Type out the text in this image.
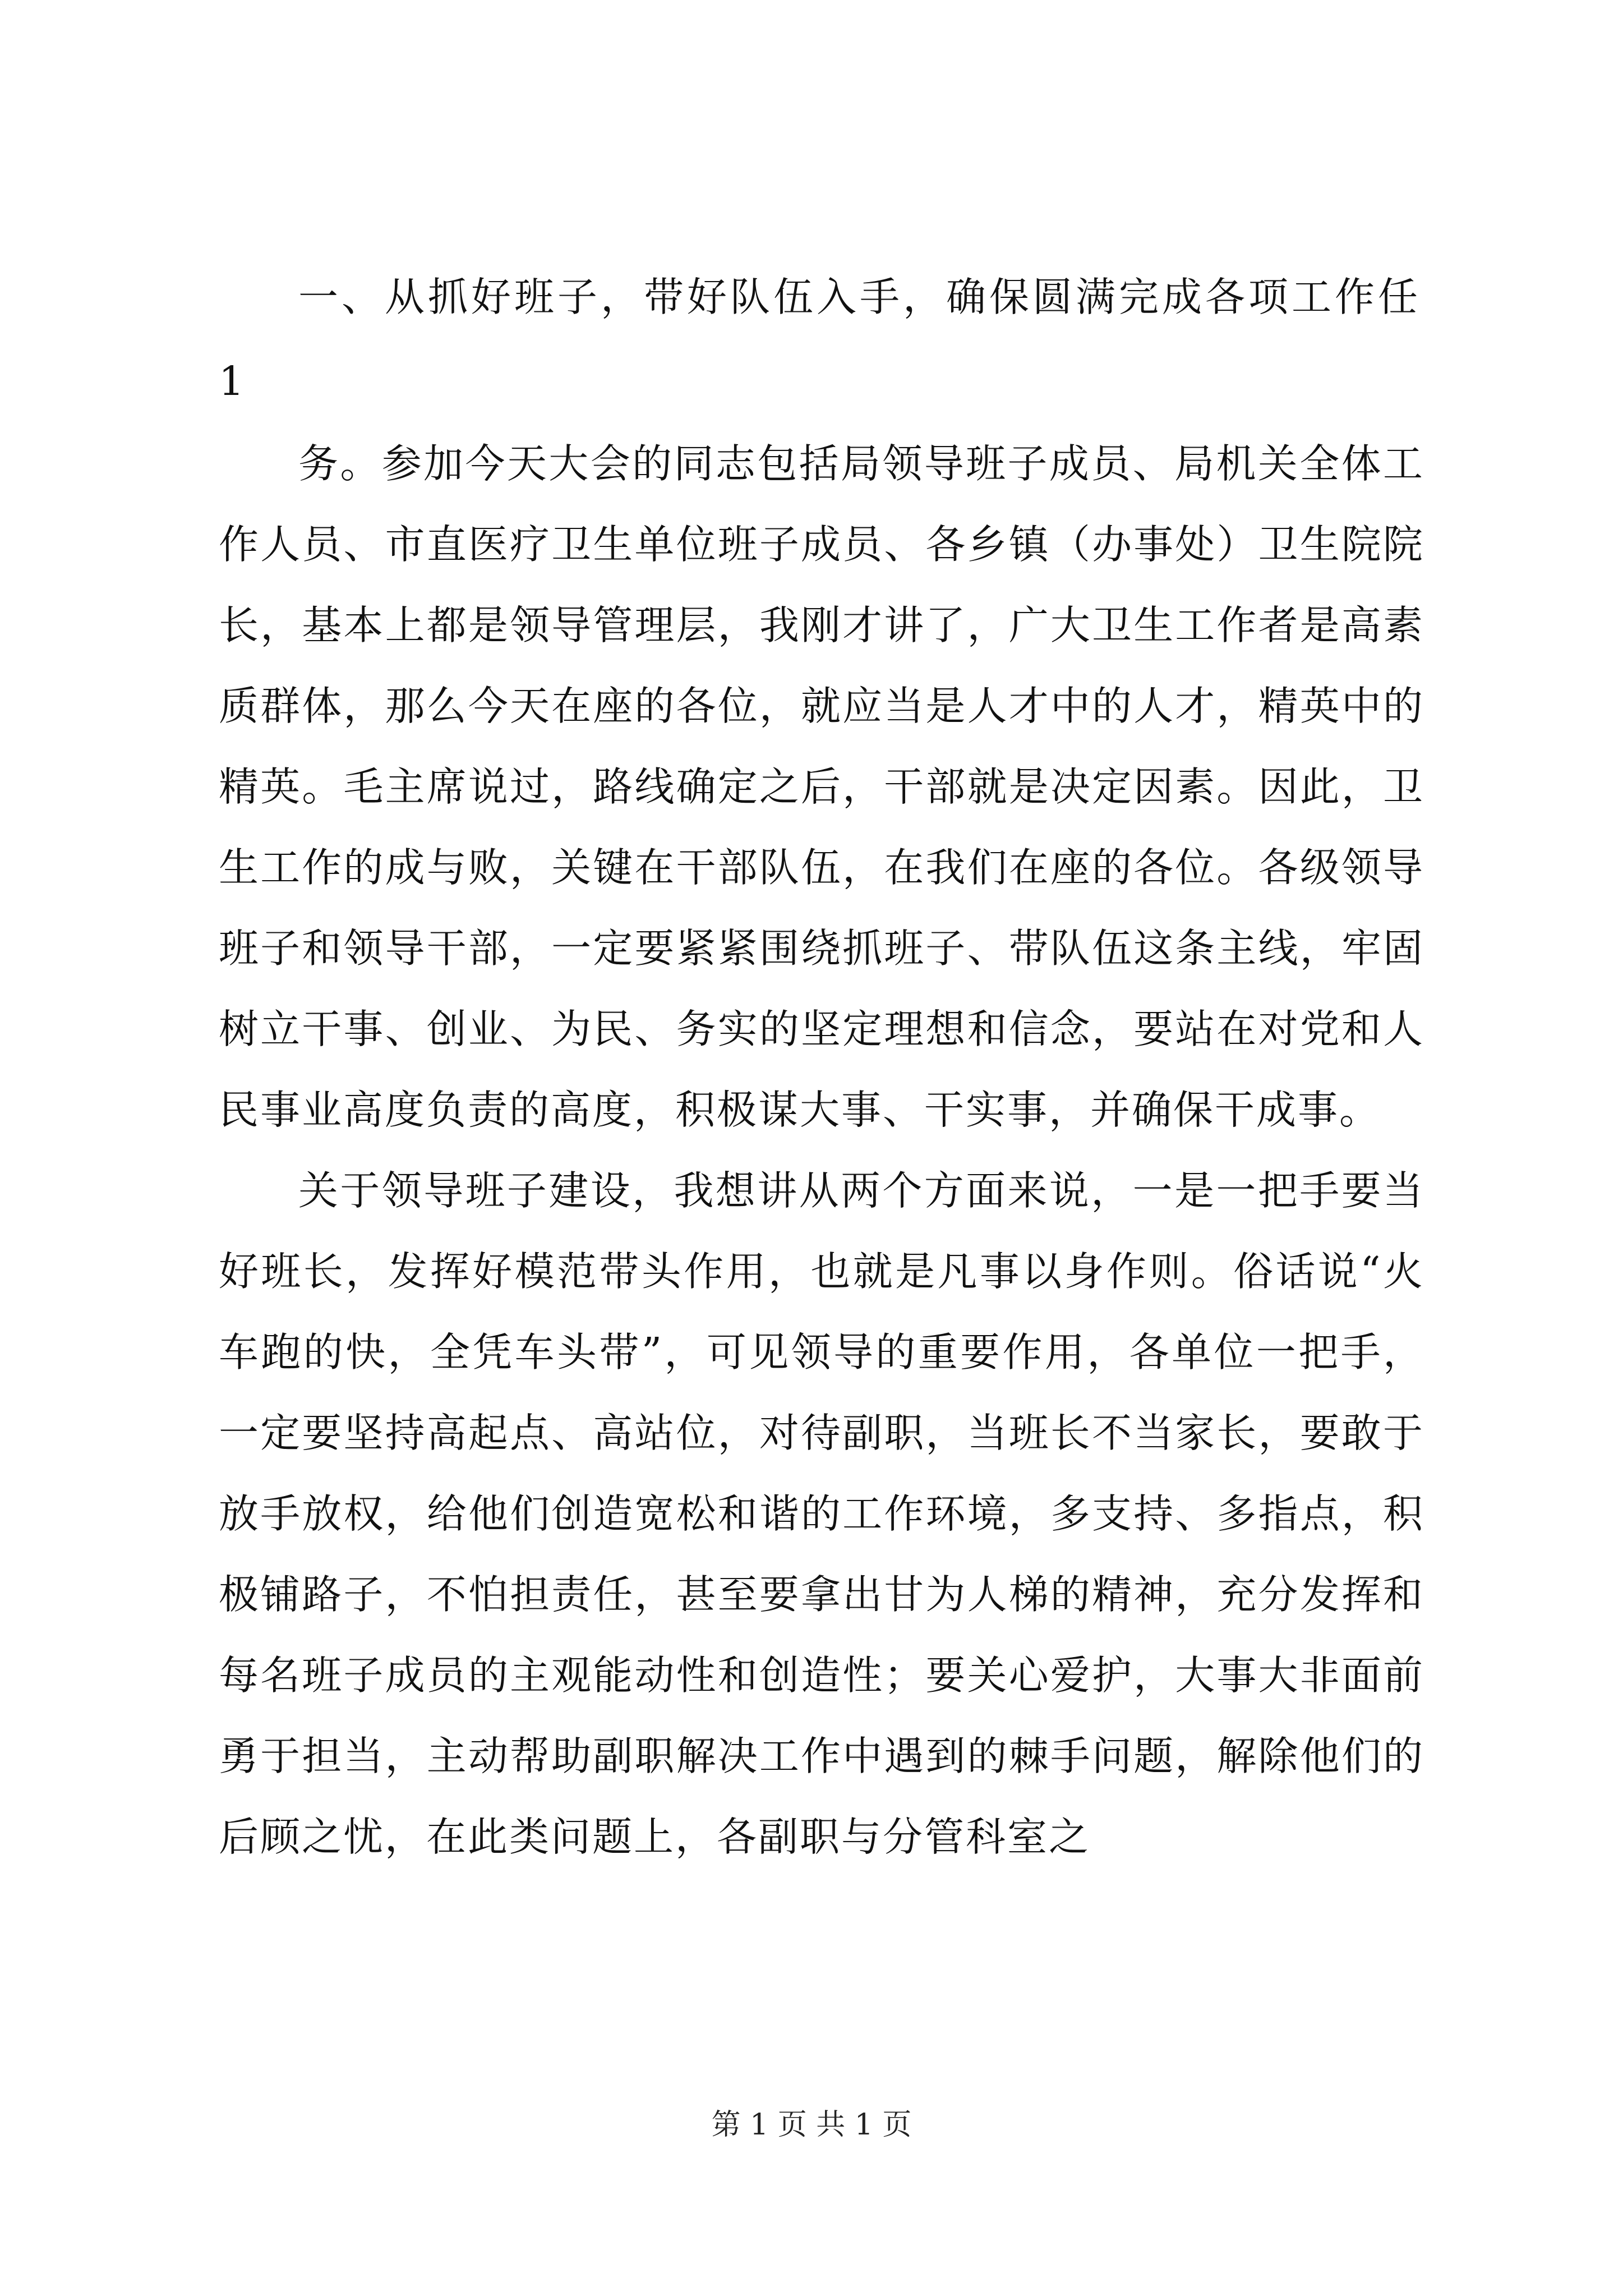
一、从抓好班子，带好队伍入手，确保圆满完成各项工作任

1

务。参加今天大会的同志包括局领导班子成员、局机关全体工作人员、市直医疗卫生单位班子成员、各乡镇（办事处）卫生院院长，基本上都是领导管理层，我刚才讲了，广大卫生工作者是高素质群体，那么今天在座的各位，就应当是人才中的人才，精英中的精英。毛主席说过，路线确定之后，干部就是决定因素。因此，卫生工作的成与败，关键在干部队伍，在我们在座的各位。各级领导班子和领导干部，一定要紧紧围绕抓班子、带队伍这条主线，牢固树立干事、创业、为民、务实的坚定理想和信念，要站在对党和人民事业高度负责的高度，积极谋大事、干实事，并确保干成事。

关于领导班子建设，我想讲从两个方面来说，一是一把手要当好班长，发挥好模范带头作用，也就是凡事以身作则。俗话说“火车跑的快，全凭车头带”，可见领导的重要作用，各单位一把手，一定要坚持高起点、高站位，对待副职，当班长不当家长，要敢于放手放权，给他们创造宽松和谐的工作环境，多支持、多指点，积极铺路子，不怕担责任，甚至要拿出甘为人梯的精神，充分发挥和每名班子成员的主观能动性和创造性；要关心爱护，大事大非面前勇于担当，主动帮助副职解决工作中遇到的棘手问题，解除他们的后顾之忧，在此类问题上，各副职与分管科室之

第 1 页 共 1 页
